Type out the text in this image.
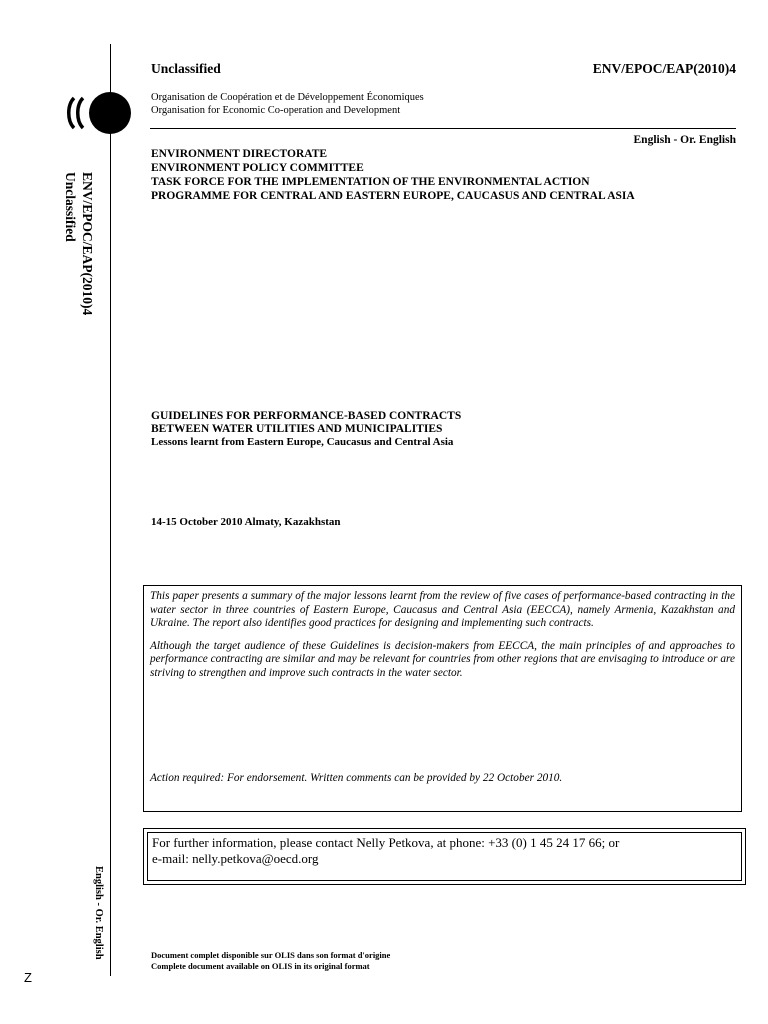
ENV/EPOC/EAP(2010)4
Unclassified
English - Or. English
Z
Unclassified	ENV/EPOC/EAP(2010)4
Organisation de Coopération et de Développement Économiques
Organisation for Economic Co-operation and Development
English - Or. English
ENVIRONMENT DIRECTORATE
ENVIRONMENT POLICY COMMITTEE
TASK FORCE FOR THE IMPLEMENTATION OF THE ENVIRONMENTAL ACTION
PROGRAMME FOR CENTRAL AND EASTERN EUROPE, CAUCASUS AND CENTRAL ASIA
GUIDELINES FOR PERFORMANCE-BASED CONTRACTS
BETWEEN WATER UTILITIES AND MUNICIPALITIES
Lessons learnt from Eastern Europe, Caucasus and Central Asia
14-15 October 2010 Almaty, Kazakhstan

This paper presents a summary of the major lessons learnt from the review of five cases of performance-based contracting in the water sector in three countries of Eastern Europe, Caucasus and Central Asia (EECCA), namely Armenia, Kazakhstan and Ukraine. The report also identifies good practices for designing and implementing such contracts.

Although the target audience of these Guidelines is decision-makers from EECCA, the main principles of and approaches to performance contracting are similar and may be relevant for countries from other regions that are envisaging to introduce or are striving to strengthen and improve such contracts in the water sector.

Action required: For endorsement. Written comments can be provided by 22 October 2010.

For further information, please contact Nelly Petkova, at phone: +33 (0) 1 45 24 17 66; or
e-mail: nelly.petkova@oecd.org
Document complet disponible sur OLIS dans son format d'origine
Complete document available on OLIS in its original format
